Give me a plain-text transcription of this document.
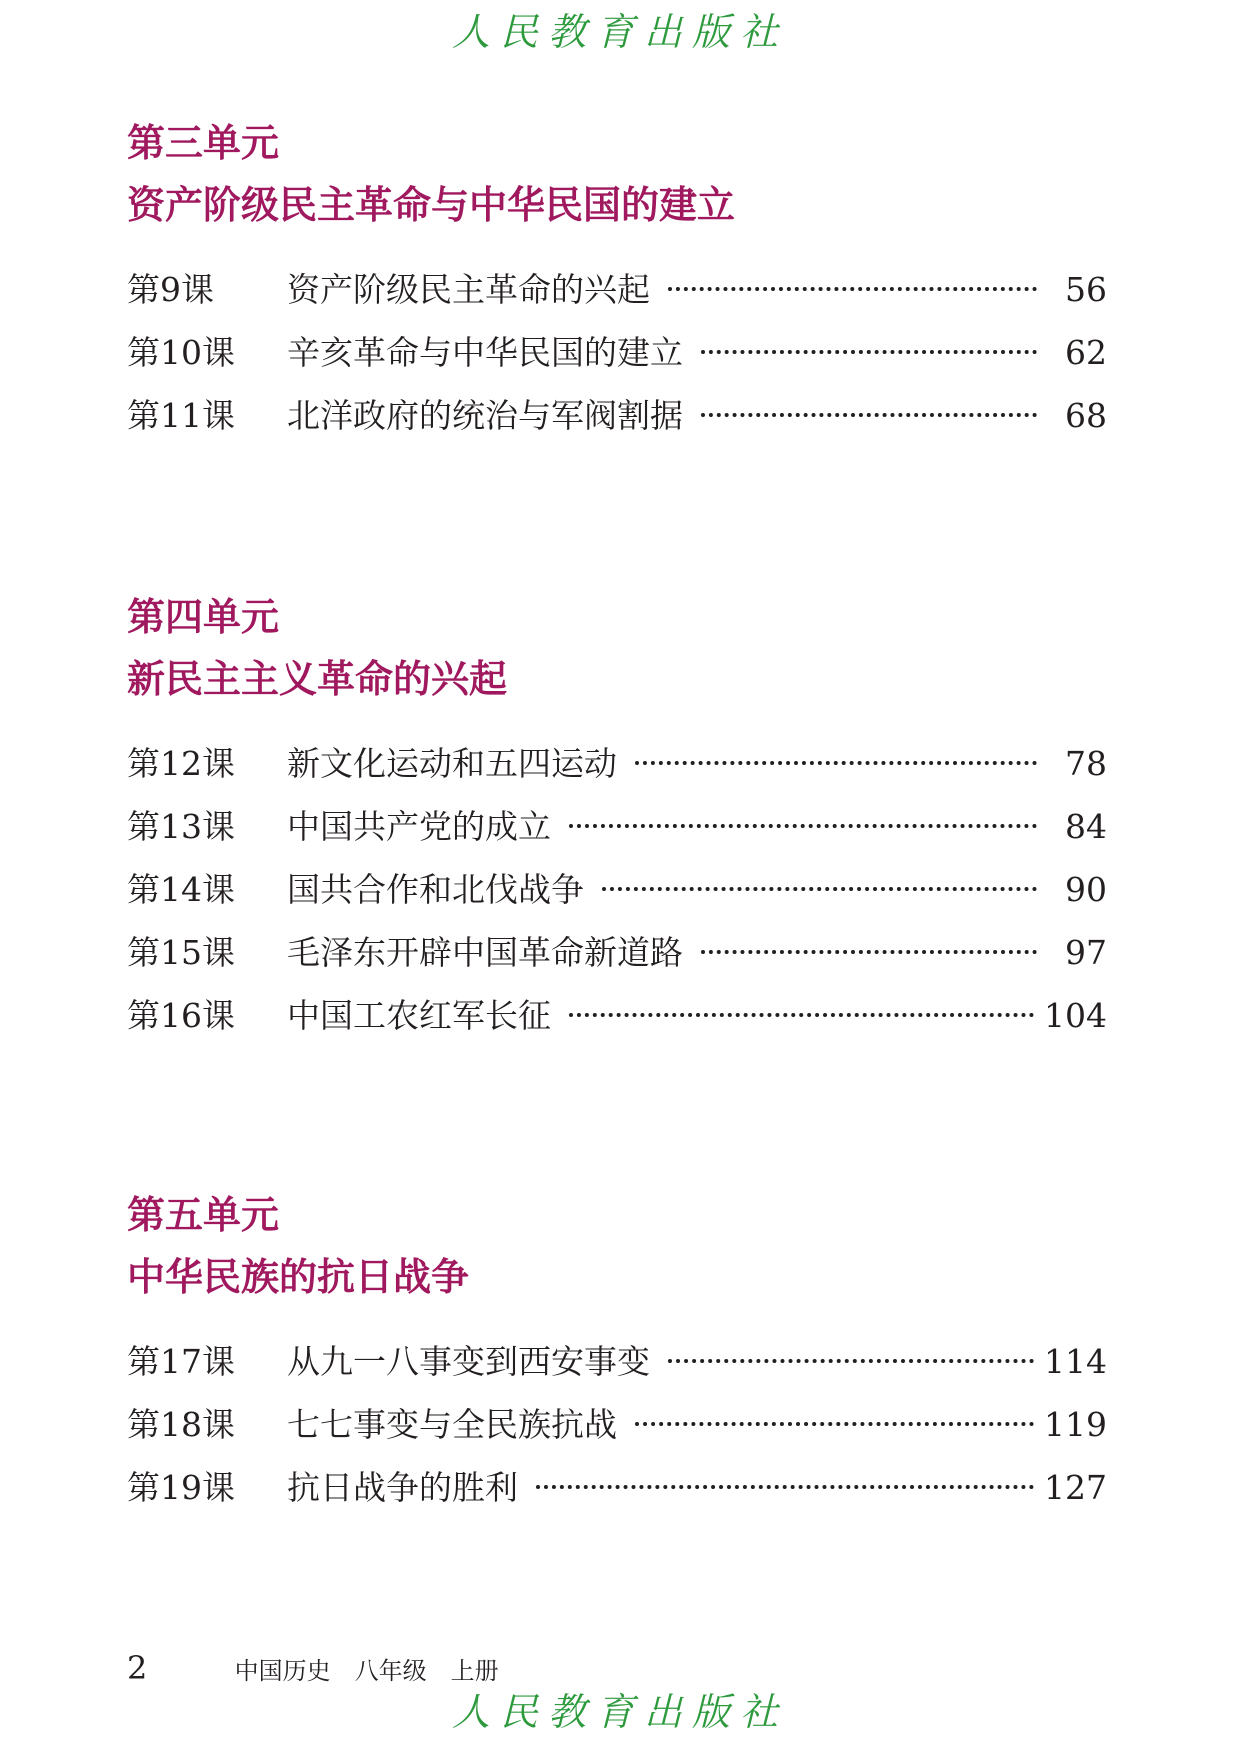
人民教育出版社
第三单元
资产阶级民主革命与中华民国的建立
第9课	资产阶级民主革命的兴起	56
第10课	辛亥革命与中华民国的建立	62
第11课	北洋政府的统治与军阀割据	68
第四单元
新民主主义革命的兴起
第12课	新文化运动和五四运动	78
第13课	中国共产党的成立	84
第14课	国共合作和北伐战争	90
第15课	毛泽东开辟中国革命新道路	97
第16课	中国工农红军长征	104
第五单元
中华民族的抗日战争
第17课	从九一八事变到西安事变	114
第18课	七七事变与全民族抗战	119
第19课	抗日战争的胜利	127
2	中国历史　八年级　上册
人民教育出版社
